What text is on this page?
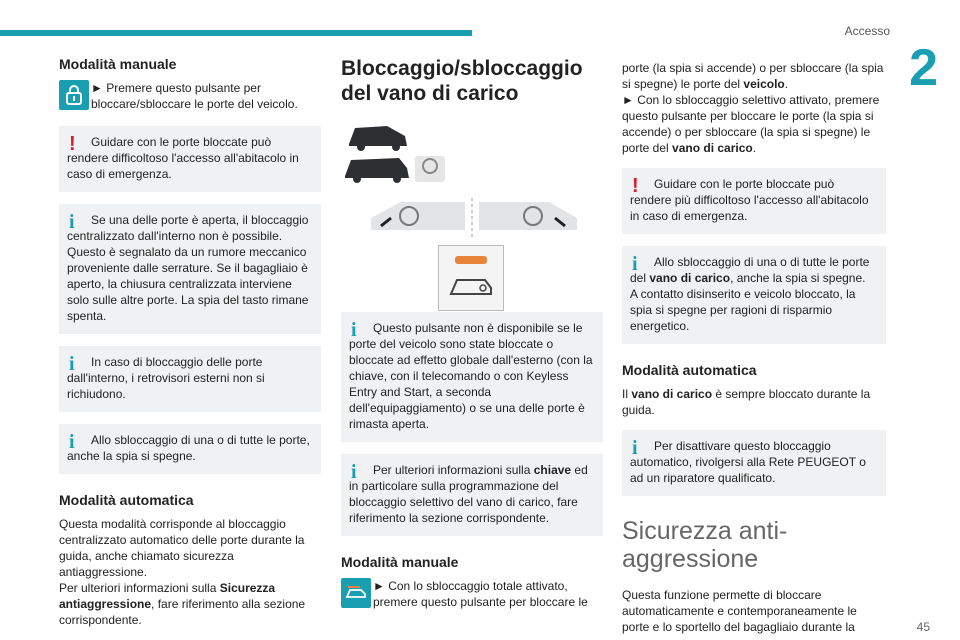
Accesso
2
45
Modalità manuale
► Premere questo pulsante per bloccare/sbloccare le porte del veicolo.
!	Guidare con le porte bloccate può rendere difficoltoso l'accesso all'abitacolo in caso di emergenza.

i	Se una delle porte è aperta, il bloccaggio centralizzato dall'interno non è possibile. Questo è segnalato da un rumore meccanico proveniente dalle serrature. Se il bagagliaio è aperto, la chiusura centralizzata interviene solo sulle altre porte. La spia del tasto rimane spenta.

i	In caso di bloccaggio delle porte dall'interno, i retrovisori esterni non si richiudono.

i	Allo sbloccaggio di una o di tutte le porte, anche la spia si spegne.

Modalità automatica

Questa modalità corrisponde al bloccaggio centralizzato automatico delle porte durante la guida, anche chiamato sicurezza antiaggressione.

Per ulteriori informazioni sulla Sicurezza antiaggressione, fare riferimento alla sezione corrispondente.

Bloccaggio/sbloccaggio del vano di carico
i	Questo pulsante non è disponibile se le porte del veicolo sono state bloccate o bloccate ad effetto globale dall'esterno (con la chiave, con il telecomando o con Keyless Entry and Start, a seconda dell'equipaggiamento) o se una delle porte è rimasta aperta.

i	Per ulteriori informazioni sulla chiave ed in particolare sulla programmazione del bloccaggio selettivo del vano di carico, fare riferimento la sezione corrispondente.

Modalità manuale
► Con lo sbloccaggio totale attivato, premere questo pulsante per bloccare le

porte (la spia si accende) o per sbloccare (la spia si spegne) le porte del veicolo.

► Con lo sbloccaggio selettivo attivato, premere questo pulsante per bloccare le porte (la spia si accende) o per sbloccare (la spia si spegne) le porte del vano di carico.

!	Guidare con le porte bloccate può rendere più difficoltoso l'accesso all'abitacolo in caso di emergenza.

i	Allo sbloccaggio di una o di tutte le porte del vano di carico, anche la spia si spegne.

A contatto disinserito e veicolo bloccato, la spia si spegne per ragioni di risparmio energetico.

Modalità automatica

Il vano di carico è sempre bloccato durante la guida.

i	Per disattivare questo bloccaggio automatico, rivolgersi alla Rete PEUGEOT o ad un riparatore qualificato.

Sicurezza anti-aggressione

Questa funzione permette di bloccare automaticamente e contemporaneamente le porte e lo sportello del bagagliaio durante la
